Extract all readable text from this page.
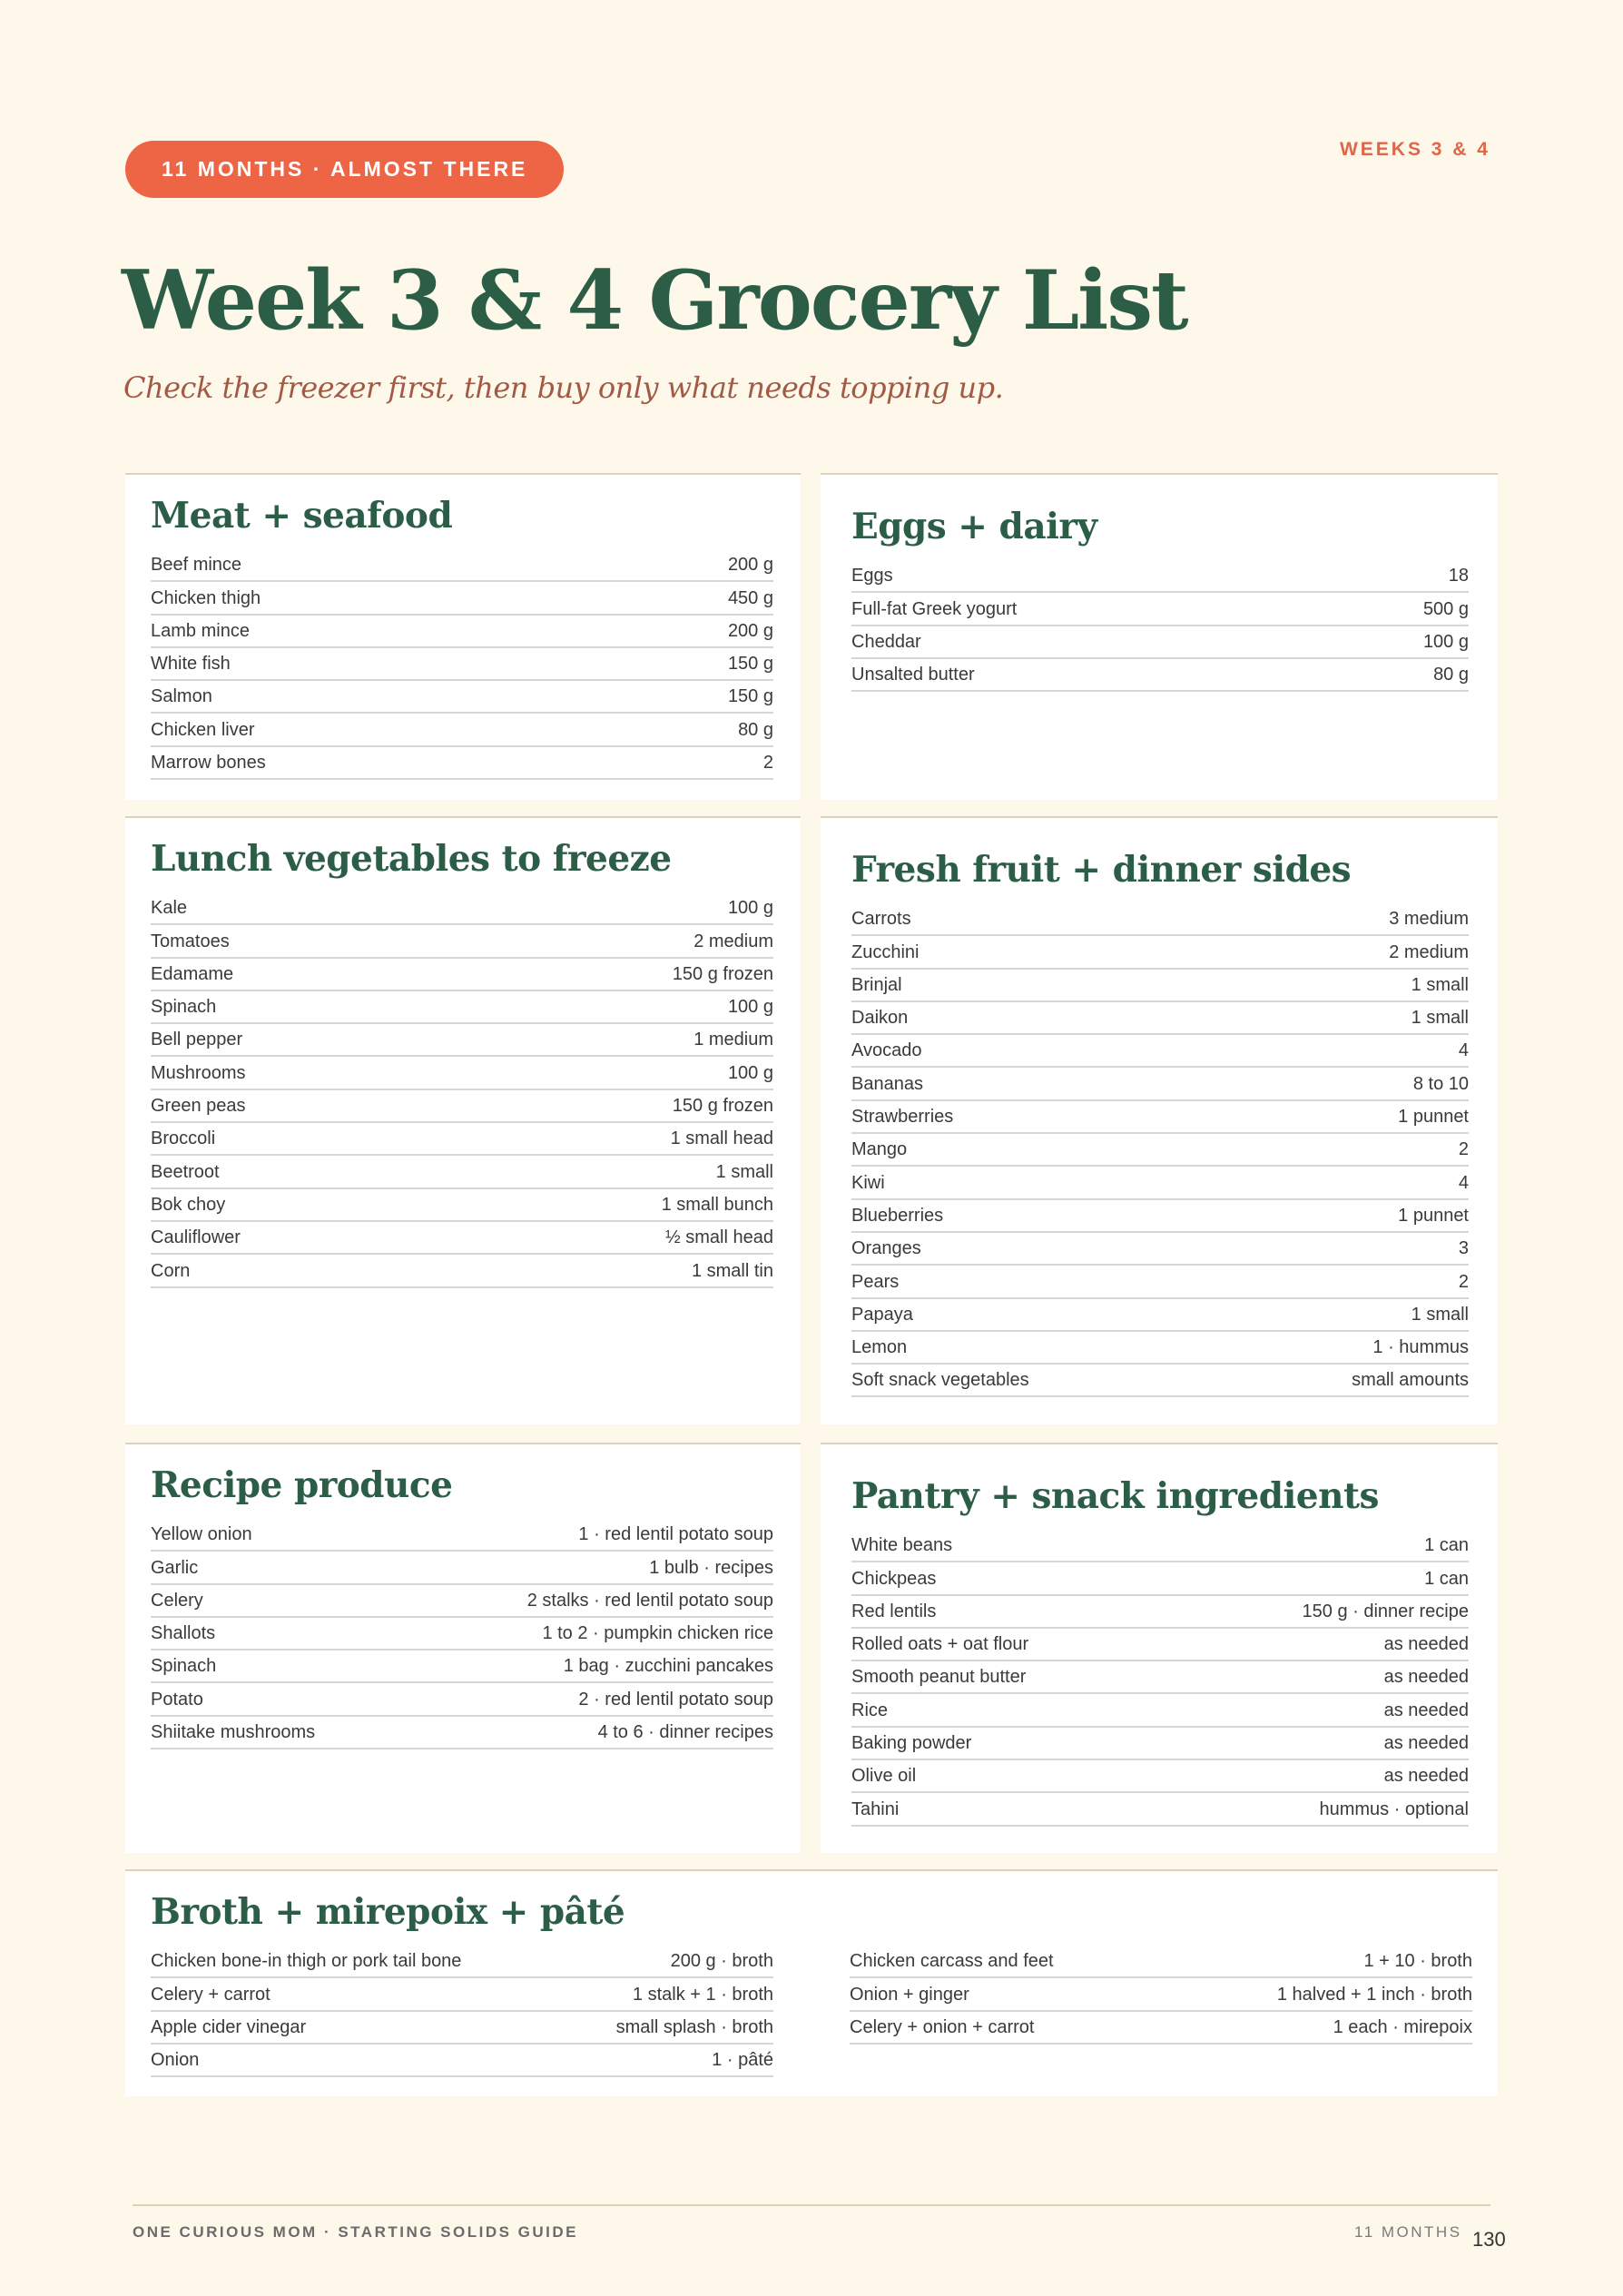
11 MONTHS · ALMOST THERE
WEEKS 3 & 4
Week 3 & 4 Grocery List

Check the freezer first, then buy only what needs topping up.

Meat + seafood
Beef mince	200 g
Chicken thigh	450 g
Lamb mince	200 g
White fish	150 g
Salmon	150 g
Chicken liver	80 g
Marrow bones	2
Eggs + dairy
Eggs	18
Full-fat Greek yogurt	500 g
Cheddar	100 g
Unsalted butter	80 g
Lunch vegetables to freeze
Kale	100 g
Tomatoes	2 medium
Edamame	150 g frozen
Spinach	100 g
Bell pepper	1 medium
Mushrooms	100 g
Green peas	150 g frozen
Broccoli	1 small head
Beetroot	1 small
Bok choy	1 small bunch
Cauliflower	½ small head
Corn	1 small tin
Fresh fruit + dinner sides
Carrots	3 medium
Zucchini	2 medium
Brinjal	1 small
Daikon	1 small
Avocado	4
Bananas	8 to 10
Strawberries	1 punnet
Mango	2
Kiwi	4
Blueberries	1 punnet
Oranges	3
Pears	2
Papaya	1 small
Lemon	1 · hummus
Soft snack vegetables	small amounts
Recipe produce
Yellow onion	1 · red lentil potato soup
Garlic	1 bulb · recipes
Celery	2 stalks · red lentil potato soup
Shallots	1 to 2 · pumpkin chicken rice
Spinach	1 bag · zucchini pancakes
Potato	2 · red lentil potato soup
Shiitake mushrooms	4 to 6 · dinner recipes
Pantry + snack ingredients
White beans	1 can
Chickpeas	1 can
Red lentils	150 g · dinner recipe
Rolled oats + oat flour	as needed
Smooth peanut butter	as needed
Rice	as needed
Baking powder	as needed
Olive oil	as needed
Tahini	hummus · optional
Broth + mirepoix + pâté
Chicken bone-in thigh or pork tail bone	200 g · broth
Celery + carrot	1 stalk + 1 · broth
Apple cider vinegar	small splash · broth
Onion	1 · pâté
Chicken carcass and feet	1 + 10 · broth
Onion + ginger	1 halved + 1 inch · broth
Celery + onion + carrot	1 each · mirepoix
ONE CURIOUS MOM · STARTING SOLIDS GUIDE	11 MONTHS 130
